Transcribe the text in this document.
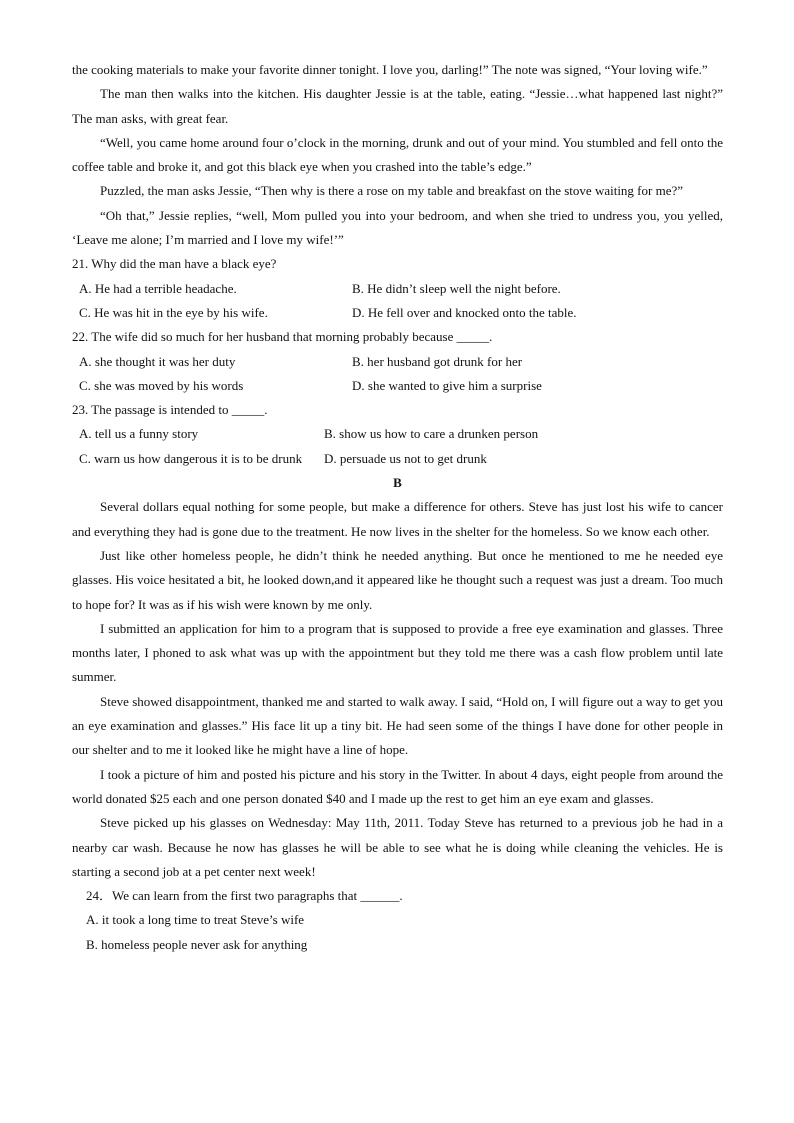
the cooking materials to make your favorite dinner tonight. I love you, darling!” The note was signed, “Your loving wife.”

The man then walks into the kitchen. His daughter Jessie is at the table, eating. “Jessie…what happened last night?” The man asks, with great fear.

“Well, you came home around four o’clock in the morning, drunk and out of your mind. You stumbled and fell onto the coffee table and broke it, and got this black eye when you crashed into the table’s edge.”

Puzzled, the man asks Jessie, “Then why is there a rose on my table and breakfast on the stove waiting for me?”

“Oh that,” Jessie replies, “well, Mom pulled you into your bedroom, and when she tried to undress you, you yelled, ‘Leave me alone; I’m married and I love my wife!’”

21. Why did the man have a black eye?

A. He had a terrible headache.	B. He didn’t sleep well the night before.
C. He was hit in the eye by his wife.	D. He fell over and knocked onto the table.

22. The wife did so much for her husband that morning probably because _____.

A. she thought it was her duty	B. her husband got drunk for her
C. she was moved by his words	D. she wanted to give him a surprise

23. The passage is intended to _____.

A. tell us a funny story	B. show us how to care a drunken person
C. warn us how dangerous it is to be drunk	D. persuade us not to get drunk

B

Several dollars equal nothing for some people, but make a difference for others. Steve has just lost his wife to cancer and everything they had is gone due to the treatment. He now lives in the shelter for the homeless. So we know each other.

Just like other homeless people, he didn’t think he needed anything. But once he mentioned to me he needed eye glasses. His voice hesitated a bit, he looked down,and it appeared like he thought such a request was just a dream. Too much to hope for? It was as if his wish were known by me only.

I submitted an application for him to a program that is supposed to provide a free eye examination and glasses. Three months later, I phoned to ask what was up with the appointment but they told me there was a cash flow problem until late summer.

Steve showed disappointment, thanked me and started to walk away. I said, “Hold on, I will figure out a way to get you an eye examination and glasses.” His face lit up a tiny bit. He had seen some of the things I have done for other people in our shelter and to me it looked like he might have a line of hope.

I took a picture of him and posted his picture and his story in the Twitter. In about 4 days, eight people from around the world donated $25 each and one person donated $40 and I made up the rest to get him an eye exam and glasses.

Steve picked up his glasses on Wednesday: May 11th, 2011. Today Steve has returned to a previous job he had in a nearby car wash. Because he now has glasses he will be able to see what he is doing while cleaning the vehicles. He is starting a second job at a pet center next week!

24．We can learn from the first two paragraphs that ______.

A. it took a long time to treat Steve’s wife
B. homeless people never ask for anything
